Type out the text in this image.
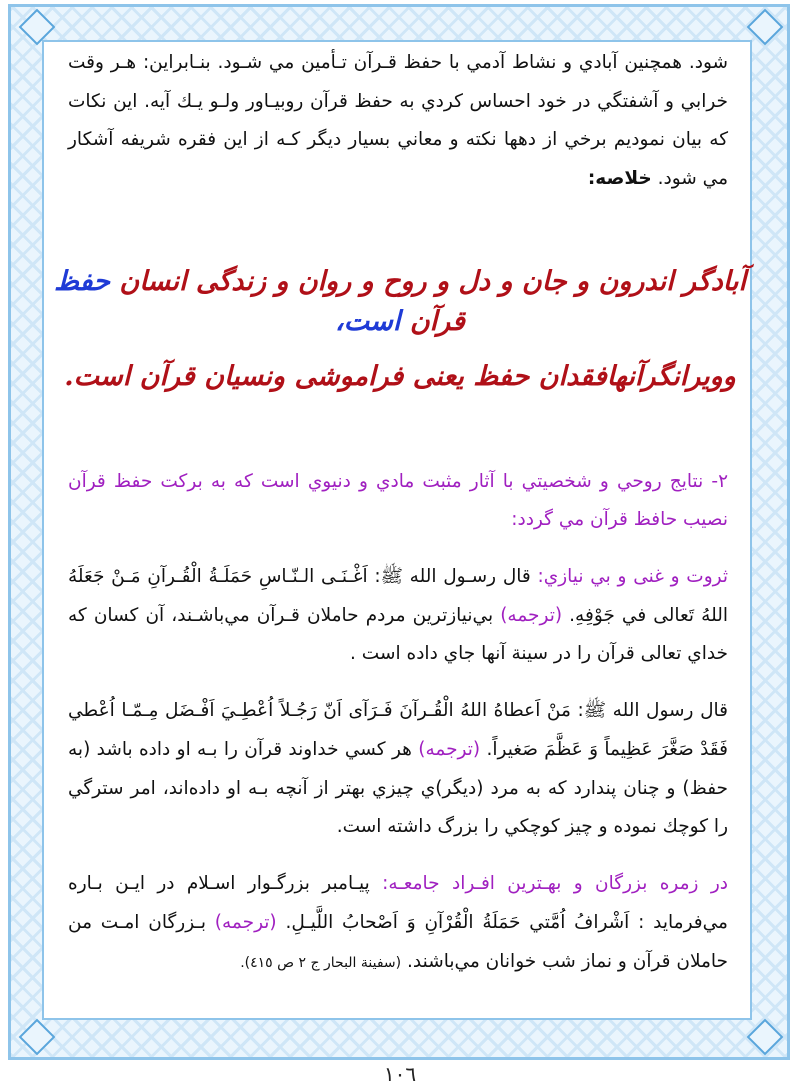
شود. همچنين آبادي و نشاط آدمي با حفظ قـرآن تـأمين مي شـود. بنـابراين: هـر وقت خرابي و آشفتگي در خود احساس كردي به حفظ قرآن روبيـاور ولـو يـك آيه. اين نكات كه بيان نموديم برخي از دهها نكته و معاني بسيار ديگر كـه از اين فقره شريفه آشكار مي شود. خلاصه:

آبادگر اندرون و جان و دل و روح و روان و زندگی انسان حفظ قرآن است،
وویرانگرآنهافقدان حفظ یعنی فراموشی ونسیان قرآن است.

٢- نتايج روحي و شخصيتي با آثار مثبت مادي و دنيوي است كه به بركت حفظ قرآن نصيب حافظ قرآن مي گردد:

ثروت و غنى و بي نيازي: قال رسـول الله ﷺ: اَغْـنَـى الـنّـاسِ حَمَلَـةُ الْقُـرآنِ مَـنْ جَعَلَهُ اللهُ تَعالى في جَوْفِهِ. (ترجمه) بي‌نيازترين مردم حاملان قـرآن مي‌باشـند، آن كسان كه خداي تعالى قرآن را در سينة آنها جاي داده است .

قال رسول الله ﷺ: مَنْ اَعطاهُ اللهُ الْقُـرآنَ فَـرَآى اَنّ رَجُـلاً اُعْطِـيَ اَفْـضَل مِـمّـا اُعْطي فَقَدْ صَغَّرَ عَظِيماً وَ عَظَّمَ صَغيراً. (ترجمه) هر كسي خداوند قرآن را بـه او داده باشد (به حفظ) و چنان پندارد كه به مرد (ديگر)ي چيزي بهتر از آنچه بـه او داده‌اند، امر سترگي را كوچك نموده و چيز كوچكي را بزرگ داشته است.

در زمره بزرگان و بهـترين افـراد جامعـه: پيـامبر بزرگـوار اسـلام در ايـن بـاره مي‌فرمايد : اَشْرافُ اُمَّتي حَمَلَةُ الْقُرْآنِ وَ اَصْحابُ اللَّيـلِ. (ترجمه) بـزرگان امـت من حاملان قرآن و نماز شب خوانان مي‌باشند. (سفينة البحار ج ٢ ص ٤١٥).

١٠٦
